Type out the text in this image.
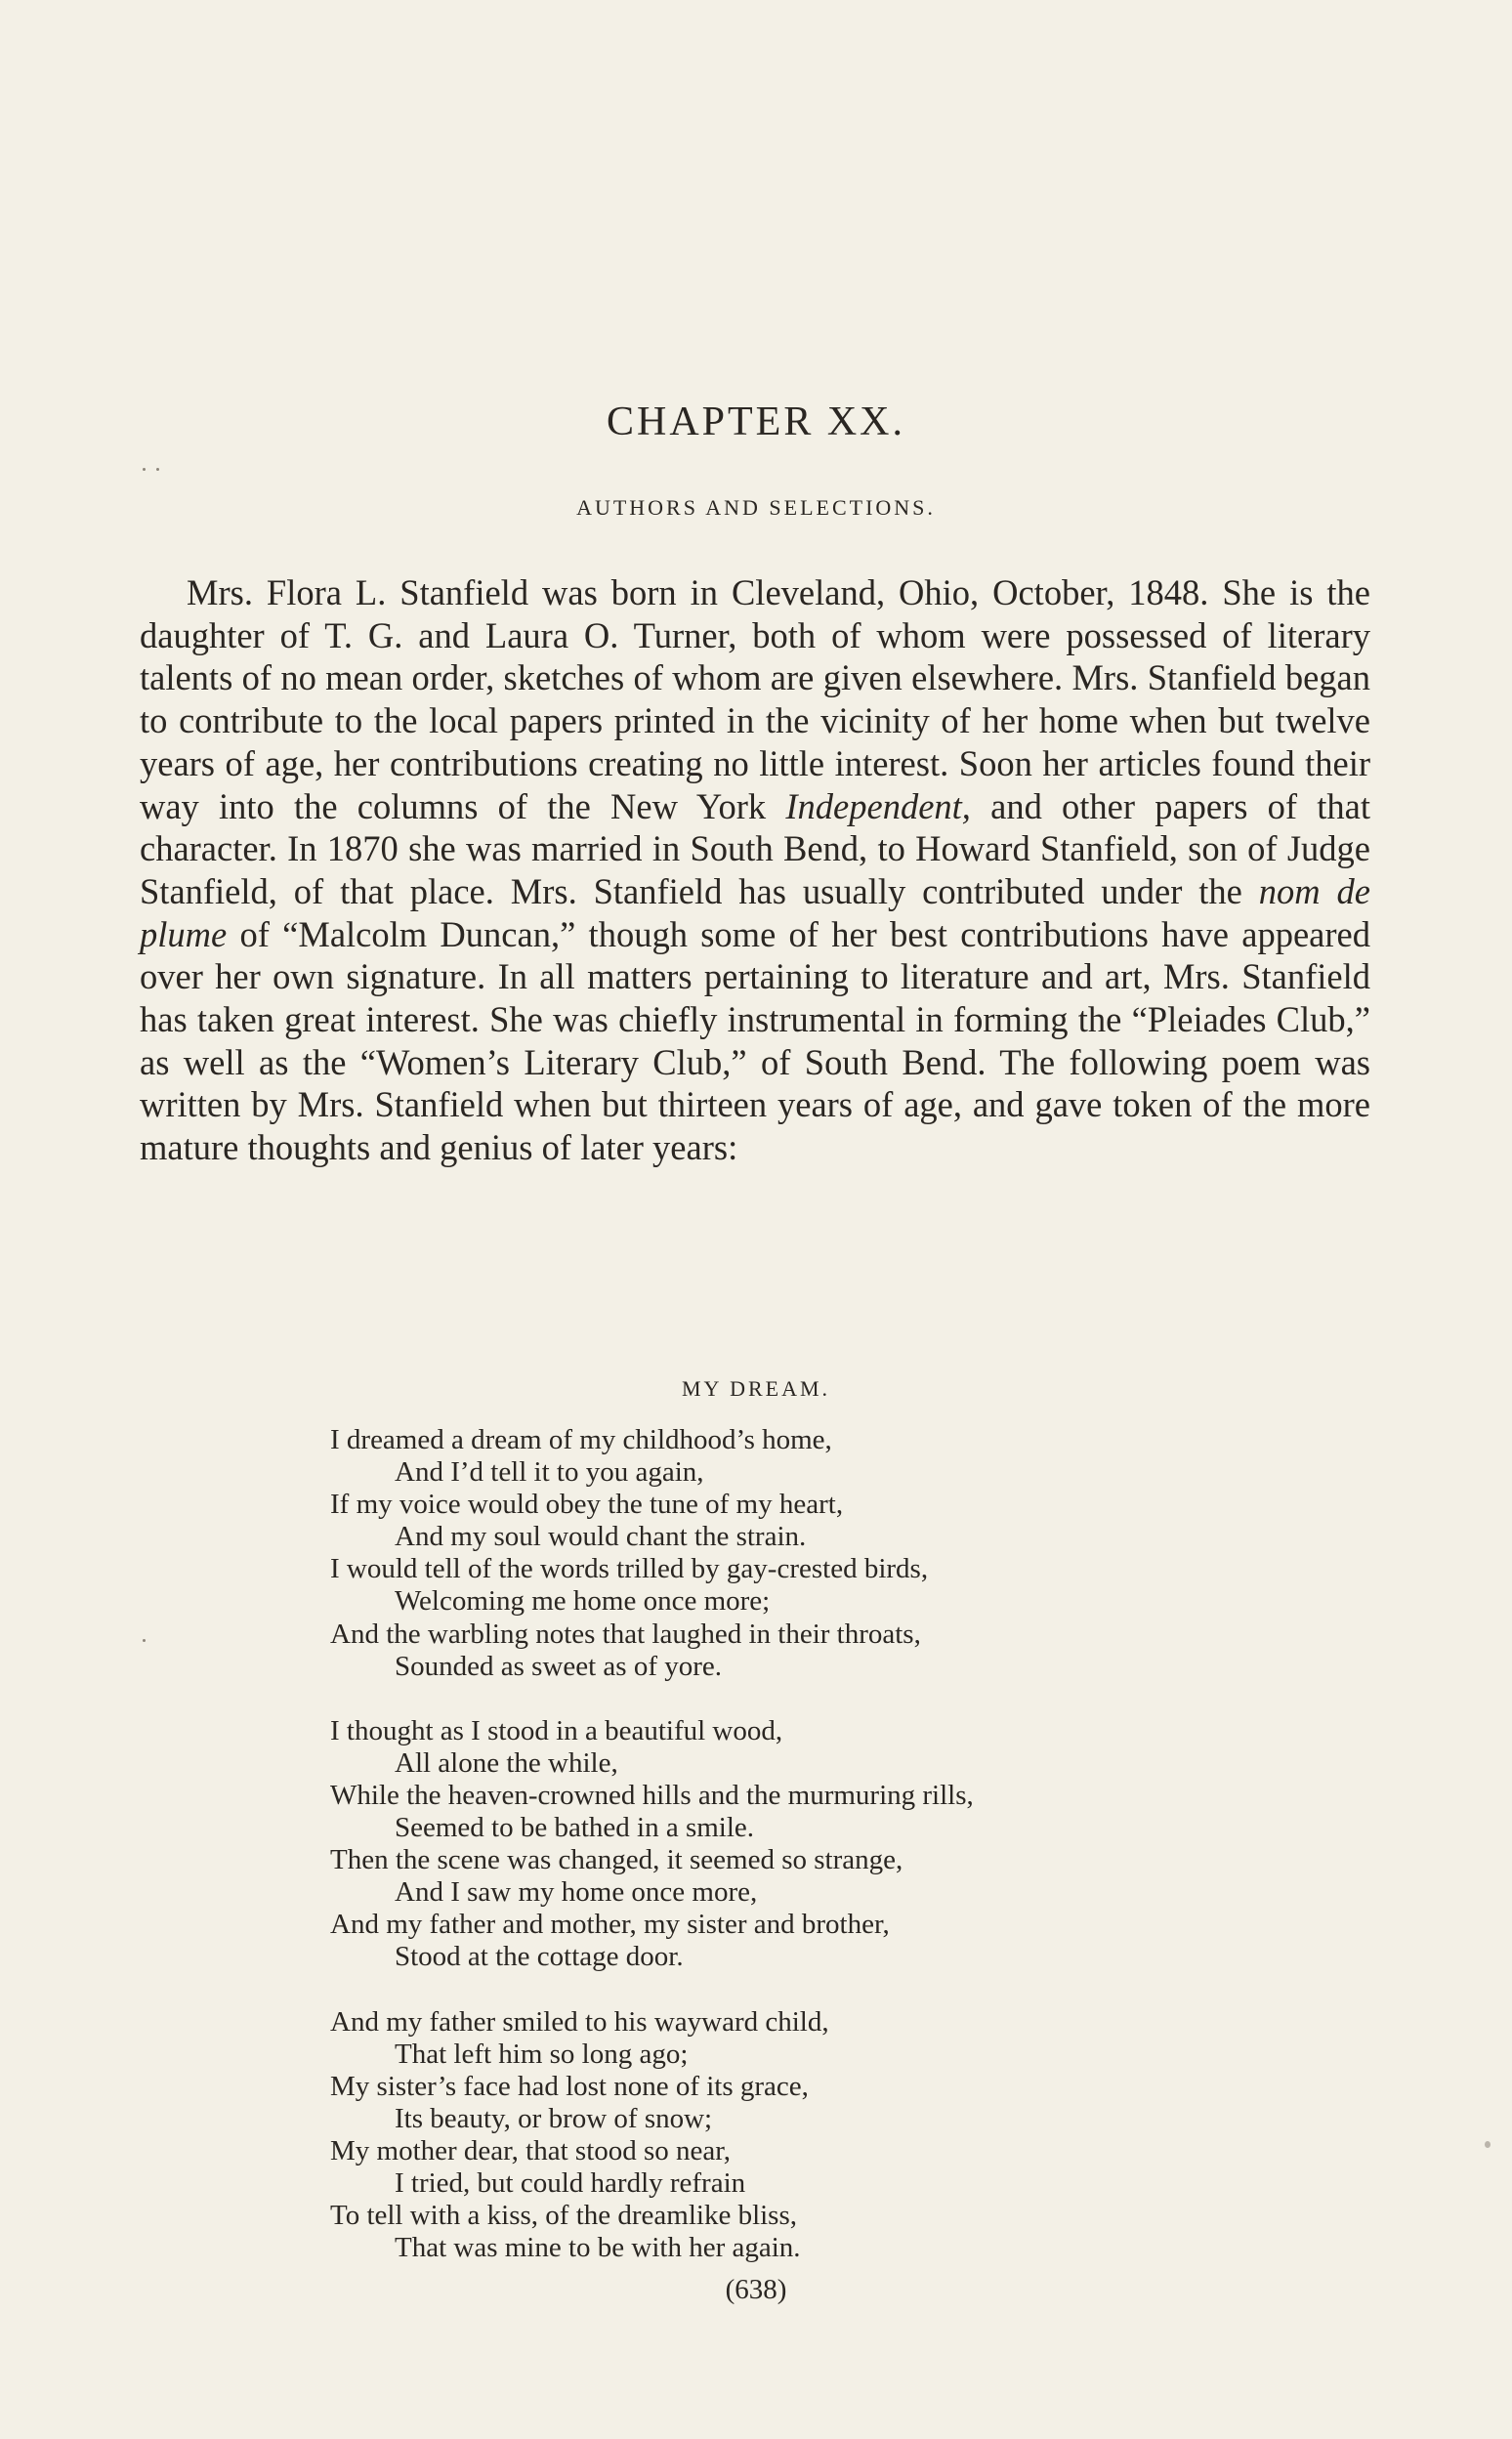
CHAPTER XX.
AUTHORS AND SELECTIONS.

Mrs. Flora L. Stanfield was born in Cleveland, Ohio, October, 1848. She is the daughter of T. G. and Laura O. Turner, both of whom were possessed of literary talents of no mean order, sketches of whom are given elsewhere. Mrs. Stanfield began to contribute to the local papers printed in the vicinity of her home when but twelve years of age, her contributions creating no little interest. Soon her articles found their way into the columns of the New York Independent, and other papers of that character. In 1870 she was married in South Bend, to Howard Stanfield, son of Judge Stanfield, of that place. Mrs. Stanfield has usually contributed under the nom de plume of “Malcolm Duncan,” though some of her best contributions have appeared over her own signature. In all matters pertaining to literature and art, Mrs. Stanfield has taken great interest. She was chiefly instrumental in forming the “Pleiades Club,” as well as the “Women’s Literary Club,” of South Bend. The following poem was written by Mrs. Stanfield when but thirteen years of age, and gave token of the more mature thoughts and genius of later years:

MY DREAM.
I dreamed a dream of my childhood’s home,
And I’d tell it to you again,
If my voice would obey the tune of my heart,
And my soul would chant the strain.
I would tell of the words trilled by gay-crested birds,
Welcoming me home once more;
And the warbling notes that laughed in their throats,
Sounded as sweet as of yore.
I thought as I stood in a beautiful wood,
All alone the while,
While the heaven-crowned hills and the murmuring rills,
Seemed to be bathed in a smile.
Then the scene was changed, it seemed so strange,
And I saw my home once more,
And my father and mother, my sister and brother,
Stood at the cottage door.
And my father smiled to his wayward child,
That left him so long ago;
My sister’s face had lost none of its grace,
Its beauty, or brow of snow;
My mother dear, that stood so near,
I tried, but could hardly refrain
To tell with a kiss, of the dreamlike bliss,
That was mine to be with her again.
(638)
